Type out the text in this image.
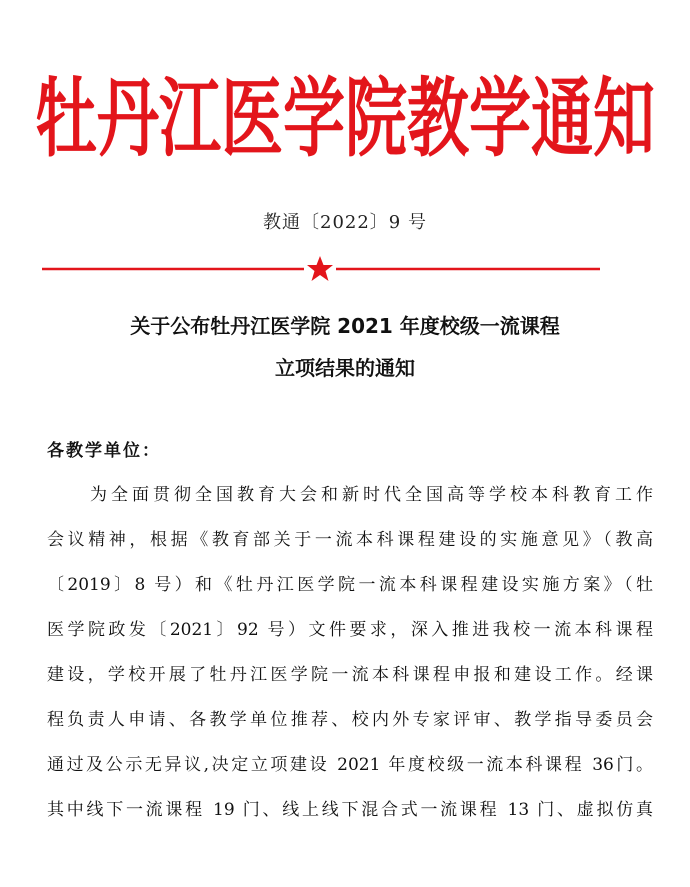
牡丹江医学院教学通知
教通〔2022〕9 号
关于公布牡丹江医学院 2021 年度校级一流课程
立项结果的通知
各教学单位：
为全面贯彻全国教育大会和新时代全国高等学校本科教育工作
会议精神，根据《教育部关于一流本科课程建设的实施意见》（教高
〔2019〕8 号）和《牡丹江医学院一流本科课程建设实施方案》（牡
医学院政发〔2021〕92 号）文件要求，深入推进我校一流本科课程
建设，学校开展了牡丹江医学院一流本科课程申报和建设工作。经课
程负责人申请、各教学单位推荐、校内外专家评审、教学指导委员会
通过及公示无异议,决定立项建设 2021 年度校级一流本科课程 36门。
其中线下一流课程 19 门、线上线下混合式一流课程 13 门、虚拟仿真
